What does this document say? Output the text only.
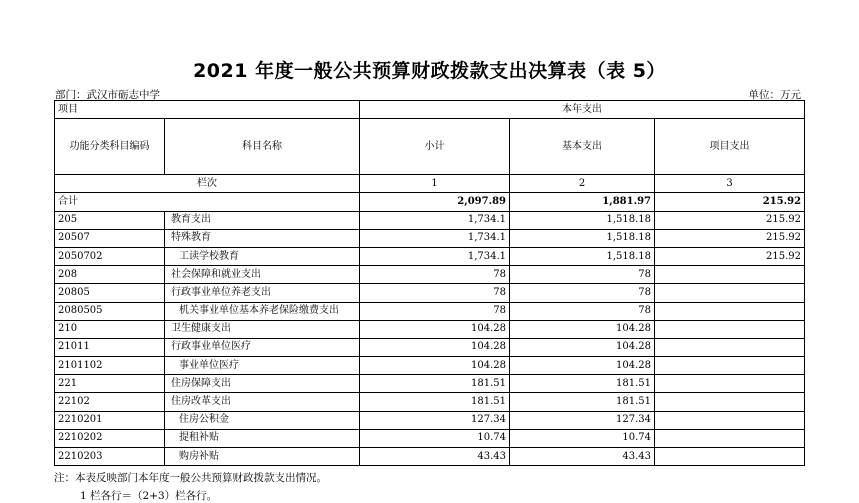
2021 年度一般公共预算财政拨款支出决算表（表 5）
部门：武汉市砺志中学	单位：万元
项目		本年支出		
功能分类科目编码	科目名称	小计	基本支出	项目支出
栏次		1	2	3
合计		2,097.89	1,881.97	215.92
205	教育支出	1,734.1	1,518.18	215.92
20507	特殊教育	1,734.1	1,518.18	215.92
2050702	工读学校教育	1,734.1	1,518.18	215.92
208	社会保障和就业支出	78	78	
20805	行政事业单位养老支出	78	78	
2080505	机关事业单位基本养老保险缴费支出	78	78	
210	卫生健康支出	104.28	104.28	
21011	行政事业单位医疗	104.28	104.28	
2101102	事业单位医疗	104.28	104.28	
221	住房保障支出	181.51	181.51	
22102	住房改革支出	181.51	181.51	
2210201	住房公积金	127.34	127.34	
2210202	提租补贴	10.74	10.74	
2210203	购房补贴	43.43	43.43	
注：本表反映部门本年度一般公共预算财政拨款支出情况。
1 栏各行＝（2+3）栏各行。
